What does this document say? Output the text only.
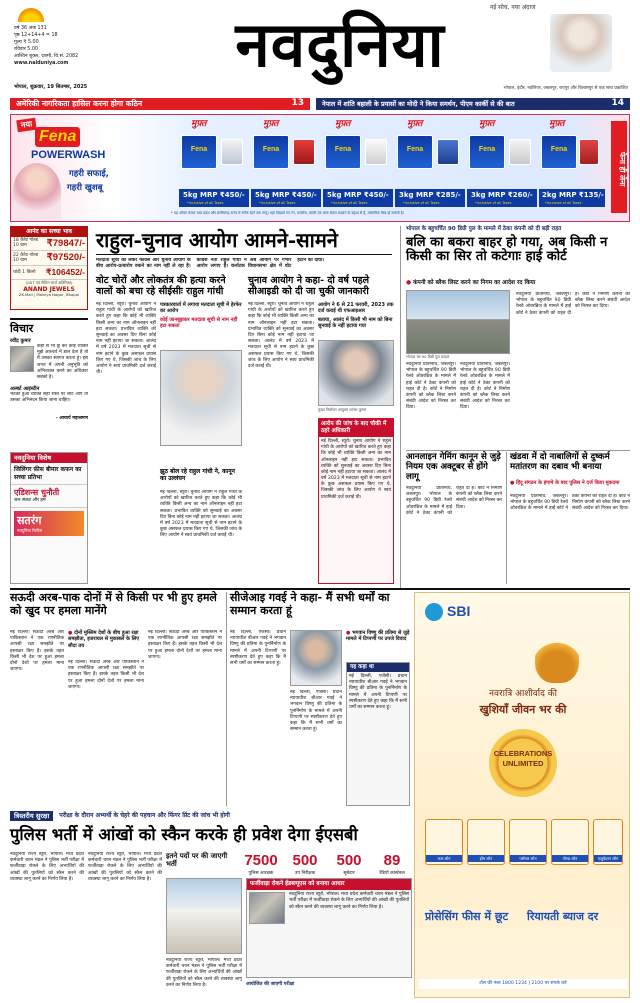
वर्ष 36 अंक 131
पृष्ठ 12+14+4 = 18
मूल्य ₹ 5.00
रविवार 5.00
आश्विन शुक्ल, दशमी, वि.सं. 2082
www.naiduniya.com
नई सोच, नया अंदाज
नवदुनिया
भोपाल, शुक्रवार, 19 सितम्बर, 2025	भोपाल, इंदौर, ग्वालियर, जबलपुर, रायपुर और बिलासपुर से एक साथ प्रकाशित
अमेरिकी नागरिकता हासिल करना होगा कठिन	13	नेपाल में शांति बहाली के प्रयासों का मोदी ने किया समर्थन, पीएम कार्की से की बात	14
नया
Fena
POWERWASH
गहरी सफाई,
गहरी खुशबू
मुफ़्त
Fena
5kg MRP ₹450/-
*Inclusive of all Taxes
मुफ़्त
Fena
5kg MRP ₹450/-
*Inclusive of all Taxes
मुफ़्त
Fena
5kg MRP ₹450/-
*Inclusive of all Taxes
मुफ़्त
Fena
3kg MRP ₹285/-
*Inclusive of all Taxes
मुफ़्त
Fena
3kg MRP ₹260/-
*Inclusive of all Taxes
मुफ़्त
Fena
2kg MRP ₹135/-
*Inclusive of all Taxes
फेना ही लेना
* यह ऑफर केवल मध्य प्रदेश और छत्तीसगढ़ राज्य में स्टॉक रहने तक लागू। यहां दिखाये गए रंग, कम्बोना, बाल्टी एवं अन्य केवल प्रदर्शन के उद्देश्य से है, वास्तविक भिन्न हो सकती है।
आनंद का सच्चा भाव
18 कैरेट गोल्ड 10 ग्राम	₹79847/-
22 कैरेट गोल्ड 10 ग्राम	₹97520/-
चांदी 1 किलो	₹106452/-
(GST एवं मेकिंग चार्ज अतिरिक्त)
ANAND JEWELS
ZK-Mall | Malviya Nagar, Bhopal
विचार
रवींद्र कुमार
कहीं से भी छू कर कोई व्यक्ति मुझे आश्चर्य में डाल देता है तो मैं उसका स्वागत करता हूं। इस जगत में अपनी अनुभूति को अभिव्यक्त करने का अधिकार सबको है।
अल्बर्ट आइंस्टीन
भटका हुआ व्यक्ति सही रास्ते पर लौट आए तो उसका अभिनंदन किया जाना चाहिए।
- आचार्य महाश्रमण
नवदुनिया विशेष
जिलिंगर फ़ीस बीमार कफन का सच्चा प्रतिभा
एडिशन्स चुनौती
जल संकट और हम
सतरंग
नवदुनिया रिलीज
राहुल-चुनाव आयोग आमने-सामने
मतदाता सूची को लेकर कांग्रेस और चुनाव आयोग के बीच आरोप-प्रत्यारोप रुकने का नाम नहीं ले रहा है। कांग्रेस नेता राहुल गांधी ने अब आयोग पर गंभीर आरोप लगाए हैं। कर्नाटक विधानसभा क्षेत्र में वोट हटाने का दावा।
वोट चोरों और लोकतंत्र की हत्या करने वालों को बचा रहे सीईसीः राहुल गांधी
चुनाव आयोग ने कहा- दो वर्ष पहले सीआइडी को दी जा चुकी जानकारी
नई दिल्ली, ब्यूरो। चुनाव आयोग ने राहुल गांधी के आरोपों को खारिज करते हुए कहा कि कोई भी व्यक्ति किसी अन्य का नाम ऑनलाइन नहीं हटा सकता। प्रभावित व्यक्ति को सुनवाई का अवसर दिए बिना कोई नाम नहीं हटाया जा सकता। आलंद में वर्ष 2023 में मतदाता सूची से नाम हटाने के कुछ असफल प्रयास किए गए थे, जिसकी जांच के लिए आयोग ने स्वयं प्राथमिकी दर्ज कराई थी।
पत्रकारवार्ता में लगाया मतदाता सूची में हेरफेर का आरोप
कोई जानबूझकर मतदाता सूची से नाम नहीं हटा सकता
झूठ बोल रहे राहुल गांधी ने, कानून का उल्लंघन
नई दिल्ली, ब्यूरो। चुनाव आयोग ने राहुल गांधी के आरोपों को खारिज करते हुए कहा कि कोई भी व्यक्ति किसी अन्य का नाम ऑनलाइन नहीं हटा सकता। प्रभावित व्यक्ति को सुनवाई का अवसर दिए बिना कोई नाम नहीं हटाया जा सकता। आलंद में वर्ष 2023 में मतदाता सूची से नाम हटाने के कुछ असफल प्रयास किए गए थे, जिसकी जांच के लिए आयोग ने स्वयं प्राथमिकी दर्ज कराई थी।
आयोग ने 6 से 21 फरवरी, 2023 तक दर्ज कराई थी एफआइआर
बताया, आलंद में किसी भी नाम को बिना सुनवाई के नहीं हटाया गया
नई दिल्ली, ब्यूरो। चुनाव आयोग ने राहुल गांधी के आरोपों को खारिज करते हुए कहा कि कोई भी व्यक्ति किसी अन्य का नाम ऑनलाइन नहीं हटा सकता। प्रभावित व्यक्ति को सुनवाई का अवसर दिए बिना कोई नाम नहीं हटाया जा सकता। आलंद में वर्ष 2023 में मतदाता सूची से नाम हटाने के कुछ असफल प्रयास किए गए थे, जिसकी जांच के लिए आयोग ने स्वयं प्राथमिकी दर्ज कराई थी।
मुख्य निर्वाचन आयुक्त ज्ञानेश कुमार
आरोप की जांच के बाद चौकी में ठहरे अधिकारी
नई दिल्ली, ब्यूरो। चुनाव आयोग ने राहुल गांधी के आरोपों को खारिज करते हुए कहा कि कोई भी व्यक्ति किसी अन्य का नाम ऑनलाइन नहीं हटा सकता। प्रभावित व्यक्ति को सुनवाई का अवसर दिए बिना कोई नाम नहीं हटाया जा सकता। आलंद में वर्ष 2023 में मतदाता सूची से नाम हटाने के कुछ असफल प्रयास किए गए थे, जिसकी जांच के लिए आयोग ने स्वयं प्राथमिकी दर्ज कराई थी।
भोपाल के बहुचर्चित 90 डिग्री पुल के मामले में ठेका कंपनी को दी बड़ी राहत
बलि का बकरा बाहर हो गया, अब किसी न किसी का सिर तो कटेगाः हाई कोर्ट
● कंपनी को ब्लैक लिस्ट करने का निगम का आदेश रद किया
भोपाल का 90 डिग्री पुल फ़ाइल
नवदुनिया प्रतिनिधि, जबलपुर। भोपाल के बहुचर्चित 90 डिग्री रेलवे ओवरब्रिज के मामले में हाई कोर्ट ने ठेका कंपनी को राहत दी है। कोर्ट ने निर्माण कंपनी को ब्लैक लिस्ट करने संबंधी आदेश को निरस्त कर दिया।
नवदुनिया प्रतिनिधि, जबलपुर। भोपाल के बहुचर्चित 90 डिग्री रेलवे ओवरब्रिज के मामले में हाई कोर्ट ने ठेका कंपनी को राहत दी है। कोर्ट ने निर्माण कंपनी को ब्लैक लिस्ट करने संबंधी आदेश को निरस्त कर दिया।
नवदुनिया प्रतिनिधि, जबलपुर। भोपाल के बहुचर्चित 90 डिग्री रेलवे ओवरब्रिज के मामले में हाई कोर्ट ने ठेका कंपनी को राहत दी है। कोर्ट ने निर्माण कंपनी को ब्लैक लिस्ट करने संबंधी आदेश को निरस्त कर दिया।
आनलाइन गेमिंग कानून से जुड़े नियम एक अक्टूबर से होंगे लागू
नवदुनिया प्रतिनिधि, जबलपुर। भोपाल के बहुचर्चित 90 डिग्री रेलवे ओवरब्रिज के मामले में हाई कोर्ट ने ठेका कंपनी को राहत दी है। कोर्ट ने निर्माण कंपनी को ब्लैक लिस्ट करने संबंधी आदेश को निरस्त कर दिया।
खंडवा में दो नाबालिगों से दुष्कर्म मतांतरण का दबाव भी बनाया
● हिंदू संगठन के हंगामे के बाद पुलिस ने दर्ज किया मुकदमा
नवदुनिया प्रतिनिधि, जबलपुर। भोपाल के बहुचर्चित 90 डिग्री रेलवे ओवरब्रिज के मामले में हाई कोर्ट ने ठेका कंपनी को राहत दी है। कोर्ट ने निर्माण कंपनी को ब्लैक लिस्ट करने संबंधी आदेश को निरस्त कर दिया।
सऊदी अरब-पाक दोनों में से किसी पर भी हुए हमले को खुद पर हमला मानेंगे
नई दिल्ली। सऊदी अरब और पाकिस्तान ने एक रणनीतिक आपसी रक्षा समझौते पर हस्ताक्षर किए हैं। इसके तहत किसी भी देश पर हुआ हमला दोनों देशों पर हमला माना जाएगा।
● दोनों मुस्लिम देशों के बीच हुआ रक्षा समझौता, इजरायल से मुकाबले के लिए सौदा तय
नई दिल्ली। सऊदी अरब और पाकिस्तान ने एक रणनीतिक आपसी रक्षा समझौते पर हस्ताक्षर किए हैं। इसके तहत किसी भी देश पर हुआ हमला दोनों देशों पर हमला माना जाएगा।
नई दिल्ली। सऊदी अरब और पाकिस्तान ने एक रणनीतिक आपसी रक्षा समझौते पर हस्ताक्षर किए हैं। इसके तहत किसी भी देश पर हुआ हमला दोनों देशों पर हमला माना जाएगा।
सीजेआइ गवई ने कहा- मैं सभी धर्मों का सम्मान करता हूं
नई दिल्ली, एजेंसी। प्रधान न्यायाधीश बीआर गवई ने भगवान विष्णु की प्रतिमा के पुनर्निर्माण के मामले में अपनी टिप्पणी पर स्पष्टीकरण देते हुए कहा कि मैं सभी धर्मों का सम्मान करता हूं।
नई दिल्ली, एजेंसी। प्रधान न्यायाधीश बीआर गवई ने भगवान विष्णु की प्रतिमा के पुनर्निर्माण के मामले में अपनी टिप्पणी पर स्पष्टीकरण देते हुए कहा कि मैं सभी धर्मों का सम्मान करता हूं।
● भगवान विष्णु की प्रतिमा से जुड़े मामले में टिप्पणी पर उपजे विवाद
यह कहा था
नई दिल्ली, एजेंसी। प्रधान न्यायाधीश बीआर गवई ने भगवान विष्णु की प्रतिमा के पुनर्निर्माण के मामले में अपनी टिप्पणी पर स्पष्टीकरण देते हुए कहा कि मैं सभी धर्मों का सम्मान करता हूं।
SBI
नवरात्रि आशीर्वाद की
खुशियाँ जीवन भर की
CELEBRATIONS UNLIMITED
कार लोन	होम लोन	पर्सनल लोन	गोल्ड लोन	एजुकेशन लोन
प्रोसेसिंग फीस में छूट	रियायती ब्याज दर
टोल फ्री नंबर 1800 1234 | 2100 पर संपर्क करें
त्रिस्तरीय सुरक्षा	परीक्षा के दौरान अभ्यर्थी के चेहरे की पहचान और फिंगर प्रिंट की जांच भी होगी
पुलिस भर्ती में आंखों को स्कैन करके ही प्रवेश देगा ईएसबी
नवदुनिया राज्य ब्यूरो, भोपाल। मध्य प्रदेश कर्मचारी चयन मंडल ने पुलिस भर्ती परीक्षा में फर्जीवाड़ा रोकने के लिए अभ्यर्थियों की आंखों की पुतलियों को स्कैन करने की व्यवस्था लागू करने का निर्णय लिया है।
नवदुनिया राज्य ब्यूरो, भोपाल। मध्य प्रदेश कर्मचारी चयन मंडल ने पुलिस भर्ती परीक्षा में फर्जीवाड़ा रोकने के लिए अभ्यर्थियों की आंखों की पुतलियों को स्कैन करने की व्यवस्था लागू करने का निर्णय लिया है।
इतने पदों पर की जाएगी भर्ती	7500
पुलिस आरक्षक
500
उप निरीक्षक
500
सूबेदार
89
रेडियो कांस्टेबल
नवदुनिया राज्य ब्यूरो, भोपाल। मध्य प्रदेश कर्मचारी चयन मंडल ने पुलिस भर्ती परीक्षा में फर्जीवाड़ा रोकने के लिए अभ्यर्थियों की आंखों की पुतलियों को स्कैन करने की व्यवस्था लागू करने का निर्णय लिया है।
फर्जीवाड़ा रोकने ईडब्ल्यूएस को बनाया आधार
नवदुनिया राज्य ब्यूरो, भोपाल। मध्य प्रदेश कर्मचारी चयन मंडल ने पुलिस भर्ती परीक्षा में फर्जीवाड़ा रोकने के लिए अभ्यर्थियों की आंखों की पुतलियों को स्कैन करने की व्यवस्था लागू करने का निर्णय लिया है।
आयोजित की जाएगी परीक्षा
